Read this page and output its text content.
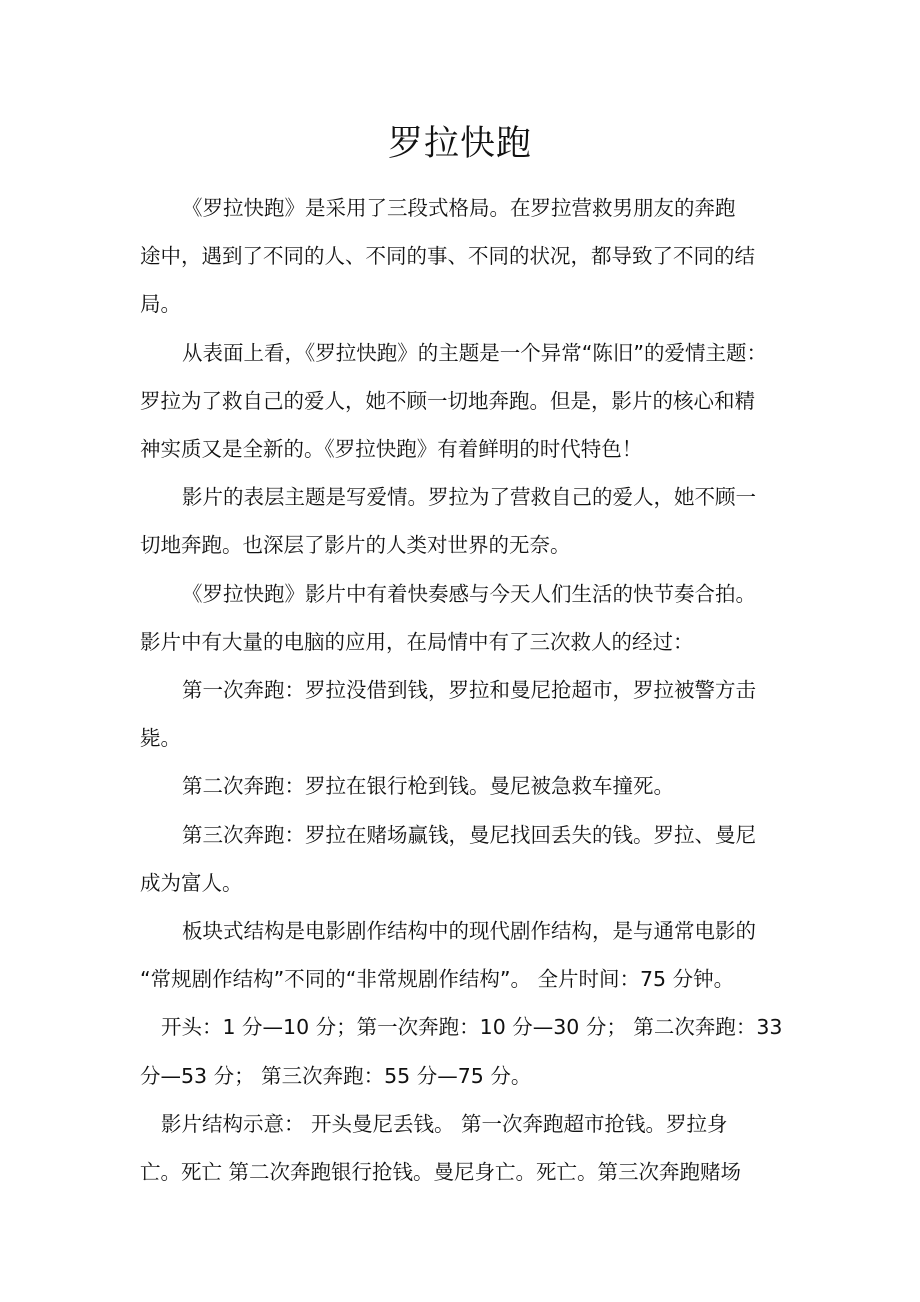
罗拉快跑

《罗拉快跑》是采用了三段式格局。在罗拉营救男朋友的奔跑
途中，遇到了不同的人、不同的事、不同的状况，都导致了不同的结
局。

从表面上看，《罗拉快跑》的主题是一个异常“陈旧”的爱情主题：
罗拉为了救自己的爱人，她不顾一切地奔跑。但是，影片的核心和精
神实质又是全新的。《罗拉快跑》有着鲜明的时代特色！

影片的表层主题是写爱情。罗拉为了营救自己的爱人，她不顾一
切地奔跑。也深层了影片的人类对世界的无奈。

《罗拉快跑》影片中有着快奏感与今天人们生活的快节奏合拍。
影片中有大量的电脑的应用，在局情中有了三次救人的经过：

第一次奔跑：罗拉没借到钱，罗拉和曼尼抢超市，罗拉被警方击
毙。

第二次奔跑：罗拉在银行枪到钱。曼尼被急救车撞死。

第三次奔跑：罗拉在赌场赢钱，曼尼找回丢失的钱。罗拉、曼尼
成为富人。

板块式结构是电影剧作结构中的现代剧作结构，是与通常电影的
“常规剧作结构”不同的“非常规剧作结构”。 全片时间：75 分钟。

开头：1 分—10 分；第一次奔跑：10 分—30 分； 第二次奔跑：33
分—53 分； 第三次奔跑：55 分—75 分。

影片结构示意： 开头曼尼丢钱。 第一次奔跑超市抢钱。罗拉身
亡。死亡 第二次奔跑银行抢钱。曼尼身亡。死亡。第三次奔跑赌场
